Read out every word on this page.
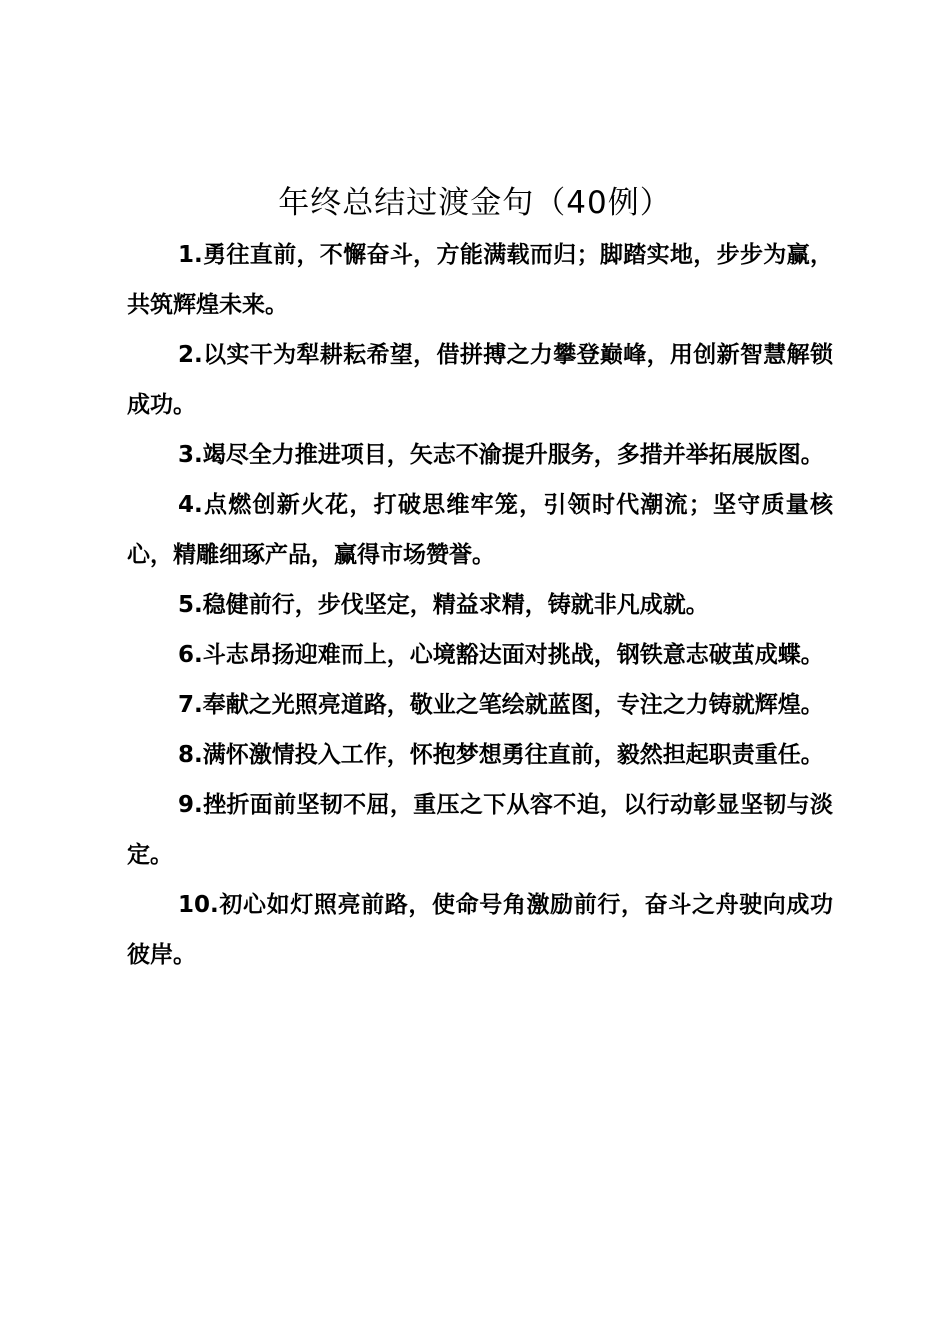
年终总结过渡金句（40例）
1.勇往直前，不懈奋斗，方能满载而归；脚踏实地，步步为赢，共筑辉煌未来。
2.以实干为犁耕耘希望，借拼搏之力攀登巅峰，用创新智慧解锁成功。
3.竭尽全力推进项目，矢志不渝提升服务，多措并举拓展版图。
4.点燃创新火花，打破思维牢笼，引领时代潮流；坚守质量核心，精雕细琢产品，赢得市场赞誉。
5.稳健前行，步伐坚定，精益求精，铸就非凡成就。
6.斗志昂扬迎难而上，心境豁达面对挑战，钢铁意志破茧成蝶。
7.奉献之光照亮道路，敬业之笔绘就蓝图，专注之力铸就辉煌。
8.满怀激情投入工作，怀抱梦想勇往直前，毅然担起职责重任。
9.挫折面前坚韧不屈，重压之下从容不迫，以行动彰显坚韧与淡定。
10.初心如灯照亮前路，使命号角激励前行，奋斗之舟驶向成功彼岸。
